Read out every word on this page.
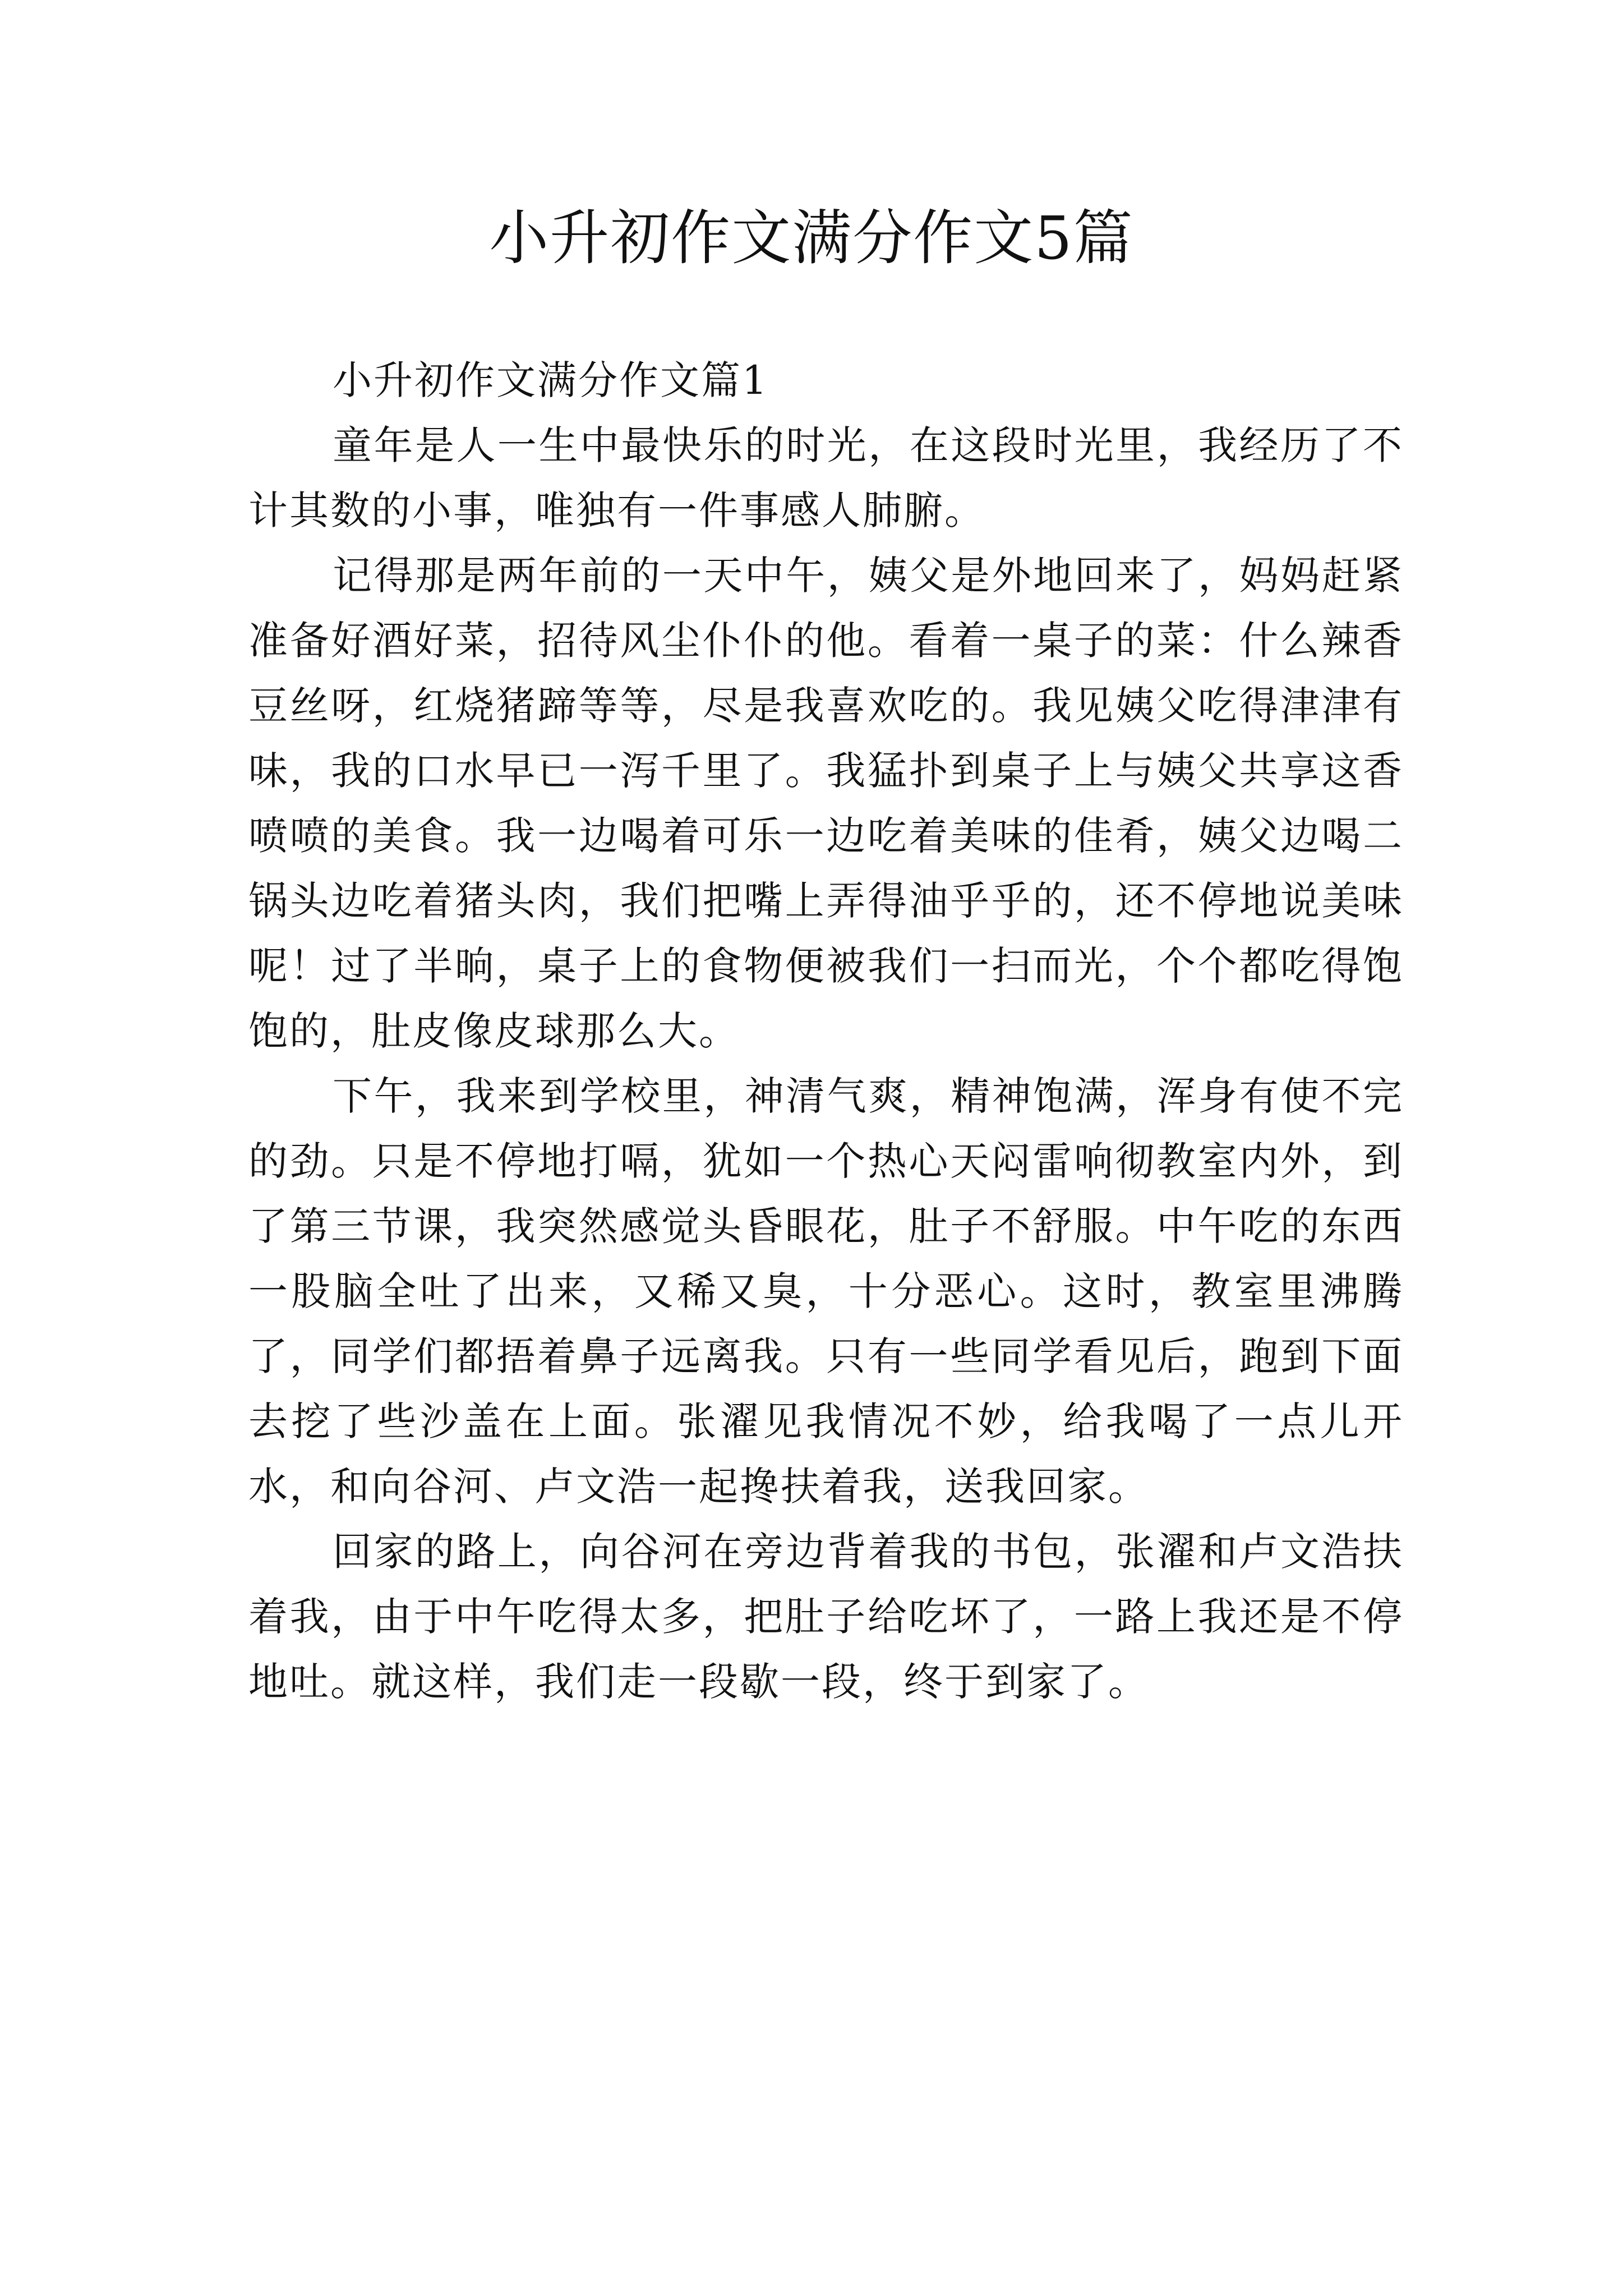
小升初作文满分作文5篇
小升初作文满分作文篇1

童年是人一生中最快乐的时光，在这段时光里，我经历了不计其数的小事，唯独有一件事感人肺腑。

记得那是两年前的一天中午，姨父是外地回来了，妈妈赶紧准备好酒好菜，招待风尘仆仆的他。看着一桌子的菜：什么辣香豆丝呀，红烧猪蹄等等，尽是我喜欢吃的。我见姨父吃得津津有味，我的口水早已一泻千里了。我猛扑到桌子上与姨父共享这香喷喷的美食。我一边喝着可乐一边吃着美味的佳肴，姨父边喝二锅头边吃着猪头肉，我们把嘴上弄得油乎乎的，还不停地说美味呢！过了半晌，桌子上的食物便被我们一扫而光，个个都吃得饱饱的，肚皮像皮球那么大。

下午，我来到学校里，神清气爽，精神饱满，浑身有使不完的劲。只是不停地打嗝，犹如一个热心天闷雷响彻教室内外，到了第三节课，我突然感觉头昏眼花，肚子不舒服。中午吃的东西一股脑全吐了出来，又稀又臭，十分恶心。这时，教室里沸腾了，同学们都捂着鼻子远离我。只有一些同学看见后，跑到下面去挖了些沙盖在上面。张濯见我情况不妙，给我喝了一点儿开水，和向谷河、卢文浩一起搀扶着我，送我回家。

回家的路上，向谷河在旁边背着我的书包，张濯和卢文浩扶着我，由于中午吃得太多，把肚子给吃坏了，一路上我还是不停地吐。就这样，我们走一段歇一段，终于到家了。
